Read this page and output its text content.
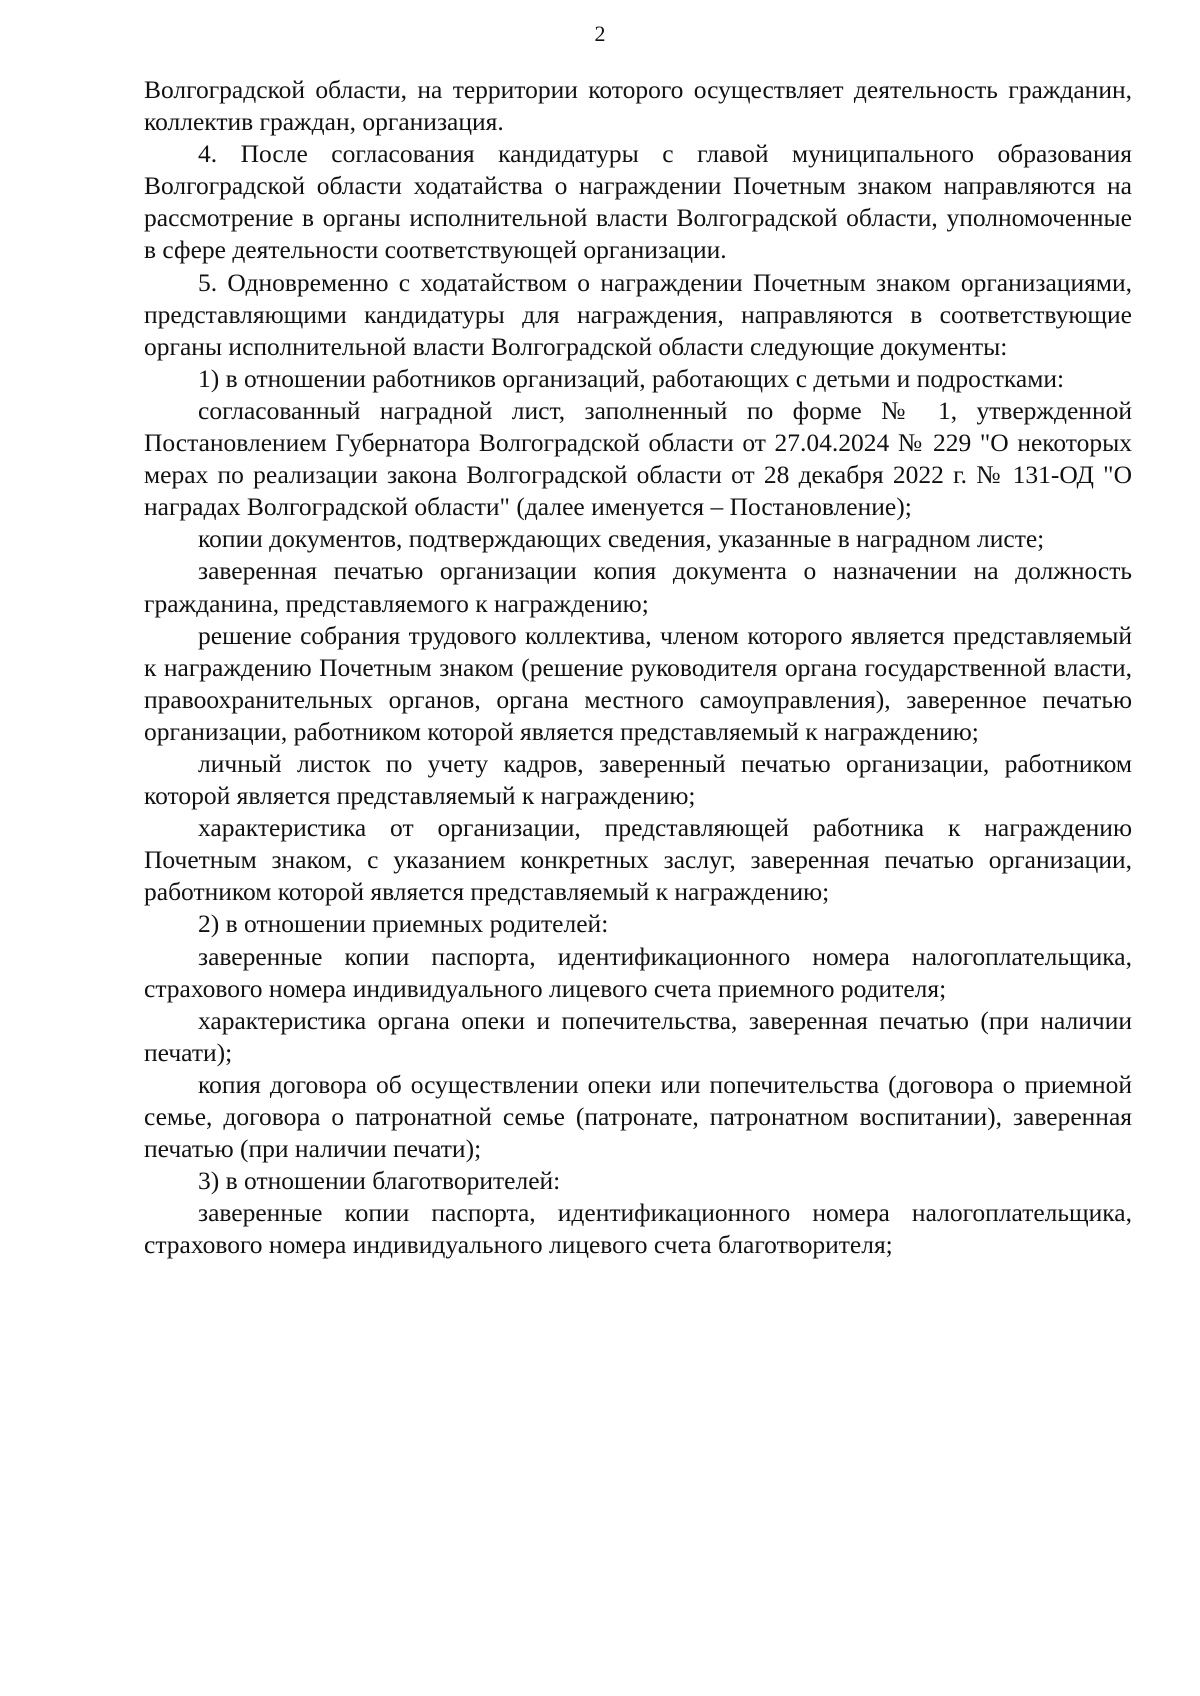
2

Волгоградской области, на территории которого осуществляет деятельность гражданин, коллектив граждан, организация.

4. После согласования кандидатуры с главой муниципального образования Волгоградской области ходатайства о награждении Почетным знаком направляются на рассмотрение в органы исполнительной власти Волгоградской области, уполномоченные в сфере деятельности соответствующей организации.

5. Одновременно с ходатайством о награждении Почетным знаком организациями, представляющими кандидатуры для награждения, направляются в соответствующие органы исполнительной власти Волгоградской области следующие документы:

1) в отношении работников организаций, работающих с детьми и подростками:

согласованный наградной лист, заполненный по форме № 1, утвержденной Постановлением Губернатора Волгоградской области от 27.04.2024 № 229 "О некоторых мерах по реализации закона Волгоградской области от 28 декабря 2022 г. № 131-ОД "О наградах Волгоградской области" (далее именуется – Постановление);

копии документов, подтверждающих сведения, указанные в наградном листе;

заверенная печатью организации копия документа о назначении на должность гражданина, представляемого к награждению;

решение собрания трудового коллектива, членом которого является представляемый к награждению Почетным знаком (решение руководителя органа государственной власти, правоохранительных органов, органа местного самоуправления), заверенное печатью организации, работником которой является представляемый к награждению;

личный листок по учету кадров, заверенный печатью организации, работником которой является представляемый к награждению;

характеристика от организации, представляющей работника к награждению Почетным знаком, с указанием конкретных заслуг, заверенная печатью организации, работником которой является представляемый к награждению;

2) в отношении приемных родителей:

заверенные копии паспорта, идентификационного номера налогоплательщика, страхового номера индивидуального лицевого счета приемного родителя;

характеристика органа опеки и попечительства, заверенная печатью (при наличии печати);

копия договора об осуществлении опеки или попечительства (договора о приемной семье, договора о патронатной семье (патронате, патронатном воспитании), заверенная печатью (при наличии печати);

3) в отношении благотворителей:

заверенные копии паспорта, идентификационного номера налогоплательщика, страхового номера индивидуального лицевого счета благотворителя;
